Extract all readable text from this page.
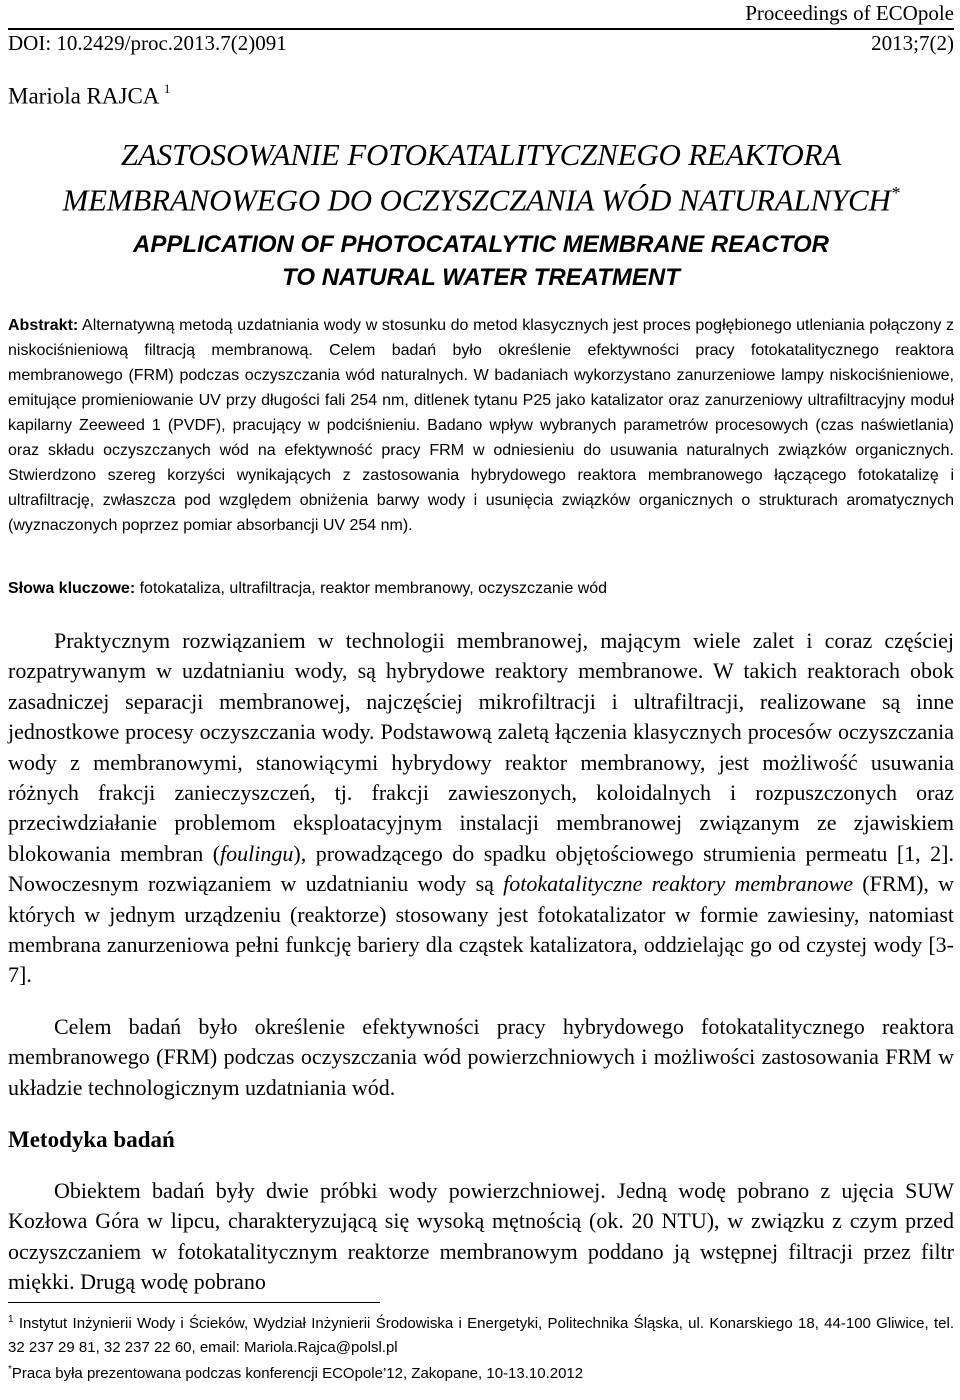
Proceedings of ECOpole
DOI: 10.2429/proc.2013.7(2)091	2013;7(2)
Mariola RAJCA $^1$
ZASTOSOWANIE FOTOKATALITYCZNEGO REAKTORA
MEMBRANOWEGO DO OCZYSZCZANIA WÓD NATURALNYCH*
APPLICATION OF PHOTOCATALYTIC MEMBRANE REACTOR
TO NATURAL WATER TREATMENT
Abstrakt: Alternatywną metodą uzdatniania wody w stosunku do metod klasycznych jest proces pogłębionego utleniania połączony z niskociśnieniową filtracją membranową. Celem badań było określenie efektywności pracy fotokatalitycznego reaktora membranowego (FRM) podczas oczyszczania wód naturalnych. W badaniach wykorzystano zanurzeniowe lampy niskociśnieniowe, emitujące promieniowanie UV przy długości fali 254 nm, ditlenek tytanu P25 jako katalizator oraz zanurzeniowy ultrafiltracyjny moduł kapilarny Zeeweed 1 (PVDF), pracujący w podciśnieniu. Badano wpływ wybranych parametrów procesowych (czas naświetlania) oraz składu oczyszczanych wód na efektywność pracy FRM w odniesieniu do usuwania naturalnych związków organicznych. Stwierdzono szereg korzyści wynikających z zastosowania hybrydowego reaktora membranowego łączącego fotokatalizę i ultrafiltrację, zwłaszcza pod względem obniżenia barwy wody i usunięcia związków organicznych o strukturach aromatycznych (wyznaczonych poprzez pomiar absorbancji UV 254 nm).
Słowa kluczowe: fotokataliza, ultrafiltracja, reaktor membranowy, oczyszczanie wód

Praktycznym rozwiązaniem w technologii membranowej, mającym wiele zalet i coraz częściej rozpatrywanym w uzdatnianiu wody, są hybrydowe reaktory membranowe. W takich reaktorach obok zasadniczej separacji membranowej, najczęściej mikrofiltracji i ultrafiltracji, realizowane są inne jednostkowe procesy oczyszczania wody. Podstawową zaletą łączenia klasycznych procesów oczyszczania wody z membranowymi, stanowiącymi hybrydowy reaktor membranowy, jest możliwość usuwania różnych frakcji zanieczyszczeń, tj. frakcji zawieszonych, koloidalnych i rozpuszczonych oraz przeciwdziałanie problemom eksploatacyjnym instalacji membranowej związanym ze zjawiskiem blokowania membran (foulingu), prowadzącego do spadku objętościowego strumienia permeatu [1, 2]. Nowoczesnym rozwiązaniem w uzdatnianiu wody są fotokatalityczne reaktory membranowe (FRM), w których w jednym urządzeniu (reaktorze) stosowany jest fotokatalizator w formie zawiesiny, natomiast membrana zanurzeniowa pełni funkcję bariery dla cząstek katalizatora, oddzielając go od czystej wody [3-7].

Celem badań było określenie efektywności pracy hybrydowego fotokatalitycznego reaktora membranowego (FRM) podczas oczyszczania wód powierzchniowych i możliwości zastosowania FRM w układzie technologicznym uzdatniania wód.

Metodyka badań

Obiektem badań były dwie próbki wody powierzchniowej. Jedną wodę pobrano z ujęcia SUW Kozłowa Góra w lipcu, charakteryzującą się wysoką mętnością (ok. 20 NTU), w związku z czym przed oczyszczaniem w fotokatalitycznym reaktorze membranowym poddano ją wstępnej filtracji przez filtr miękki. Drugą wodę pobrano

$^1$ Instytut Inżynierii Wody i Ścieków, Wydział Inżynierii Środowiska i Energetyki, Politechnika Śląska, ul. Konarskiego 18, 44-100 Gliwice, tel. 32 237 29 81, 32 237 22 60, email: Mariola.Rajca@polsl.pl

*Praca była prezentowana podczas konferencji ECOpole’12, Zakopane, 10-13.10.2012
